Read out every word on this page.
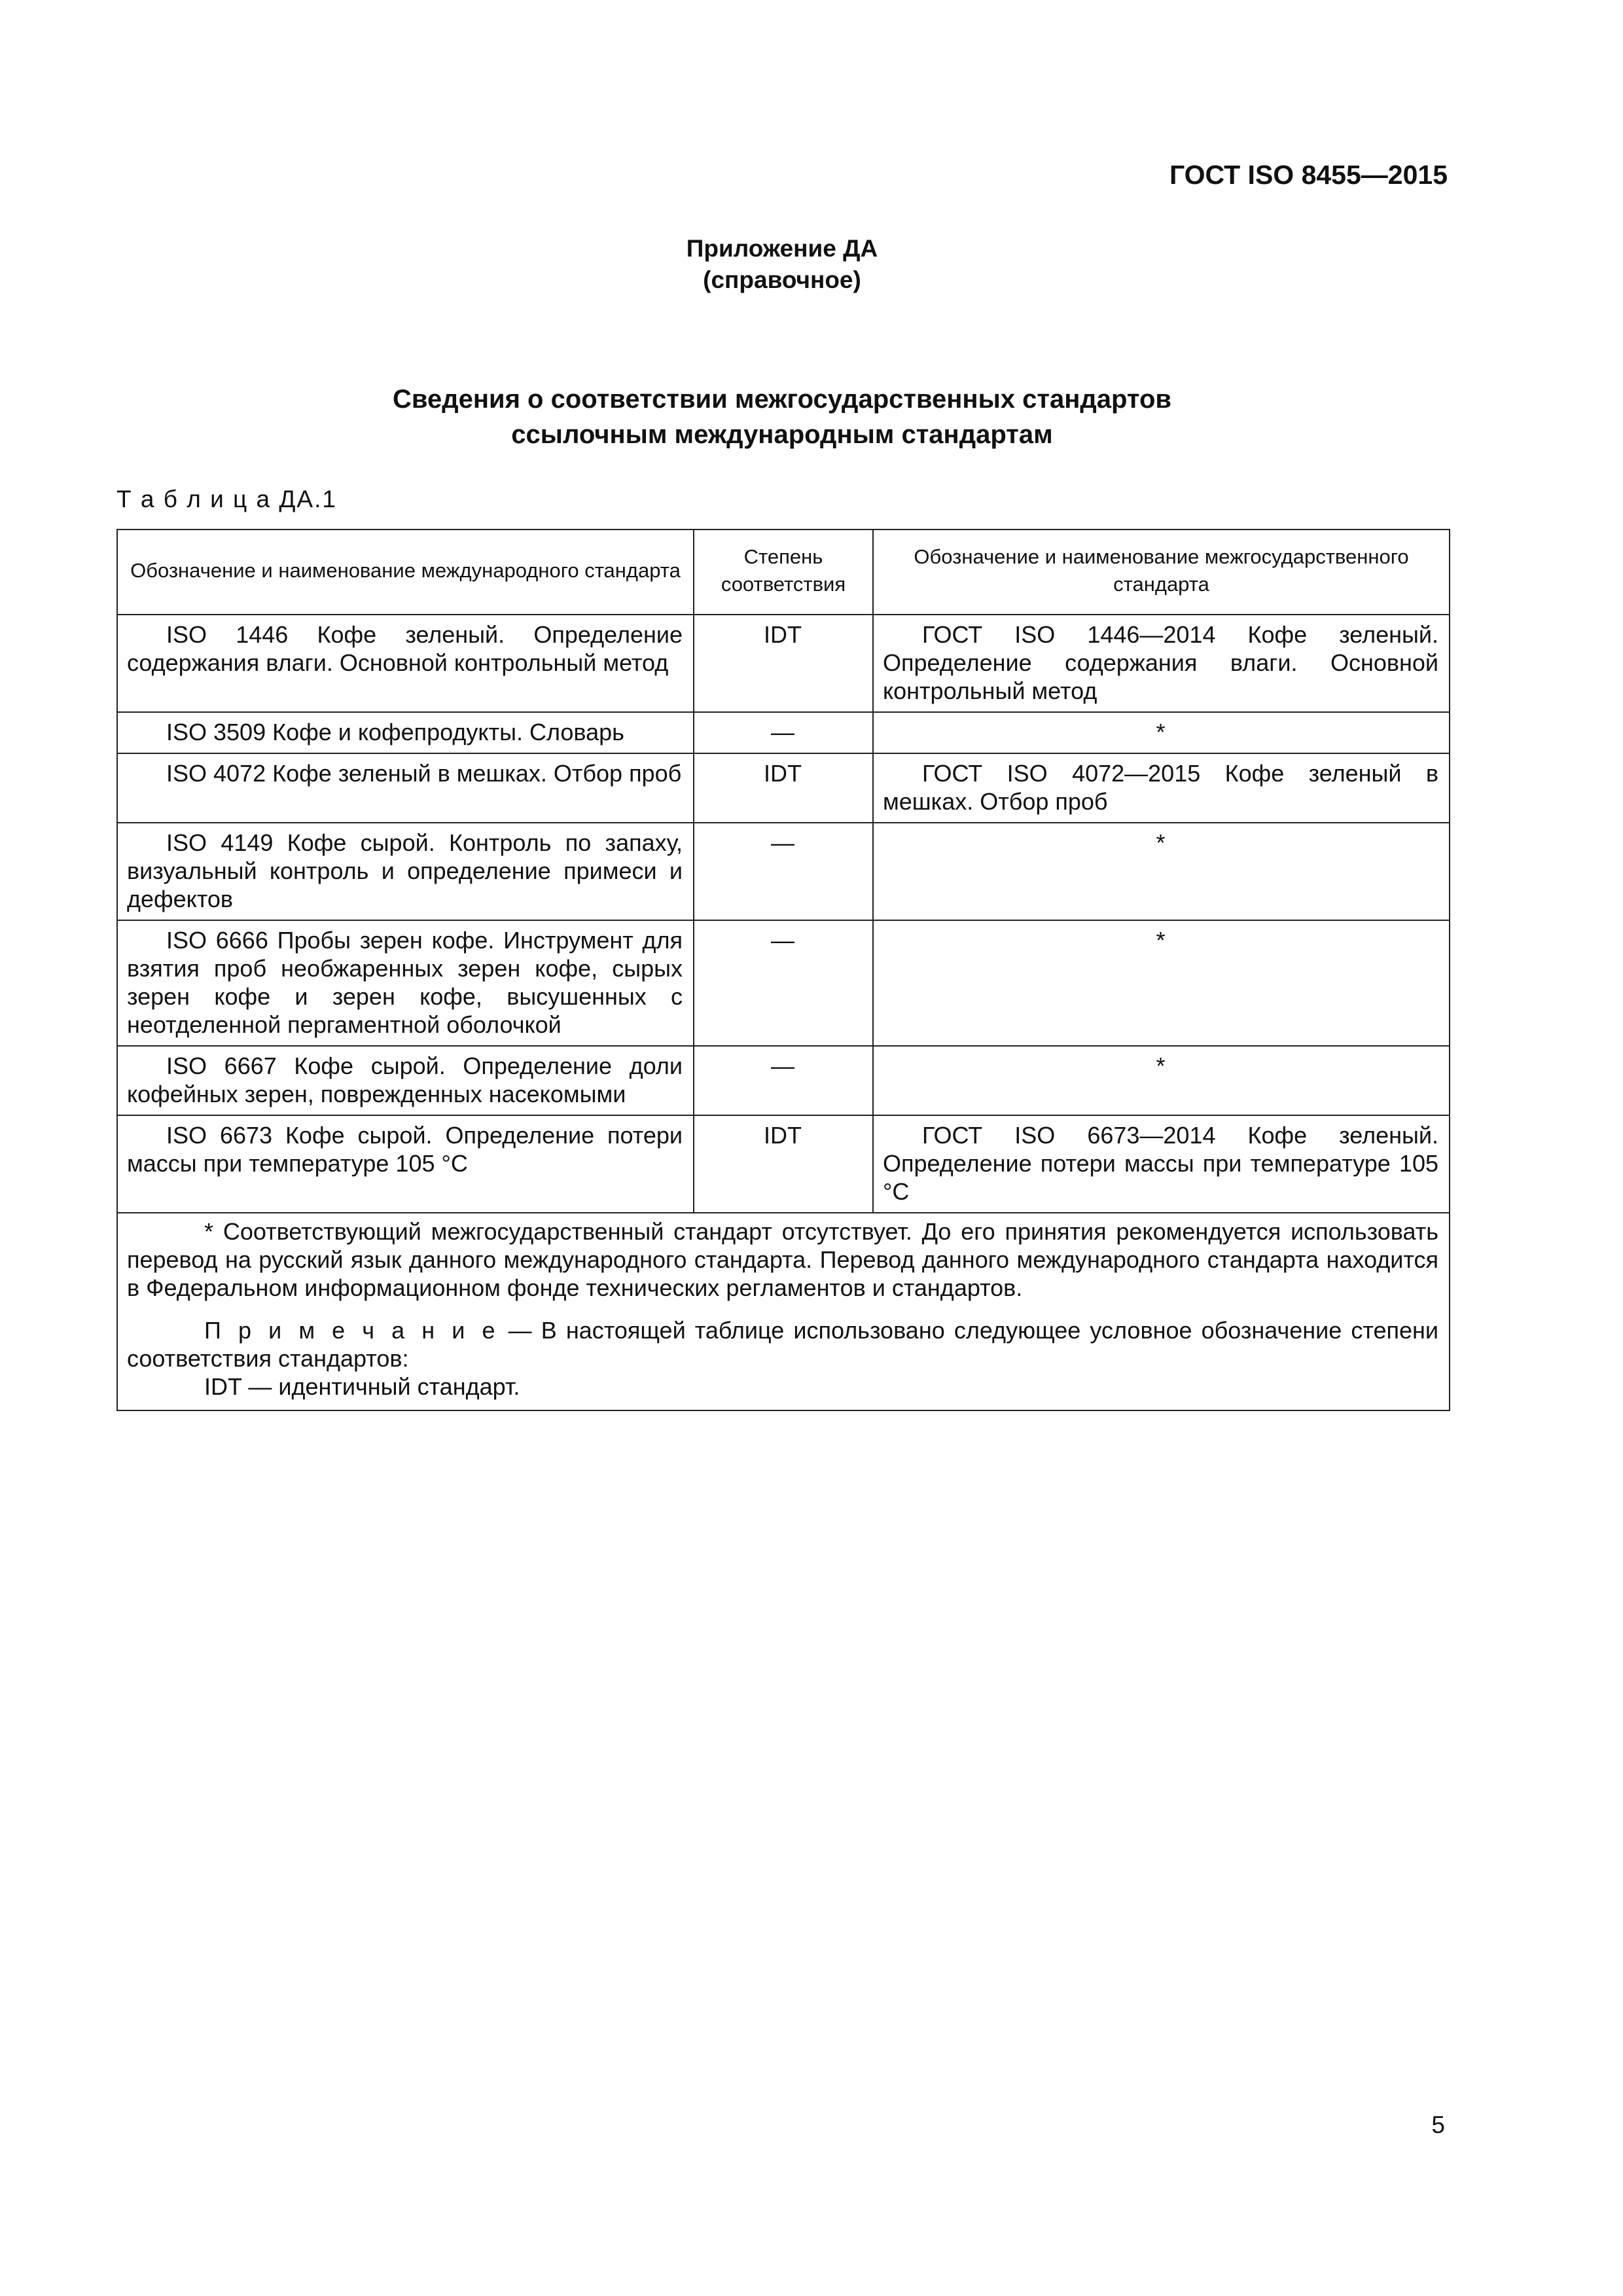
ГОСТ ISO 8455—2015
Приложение ДА
(справочное)
Сведения о соответствии межгосударственных стандартов
ссылочным международным стандартам
Т а б л и ц а ДА.1
Обозначение и наименование международного стандарта	Степень соответствия	Обозначение и наименование межгосударственного стандарта
ISO 1446 Кофе зеленый. Определение содержания влаги. Основной контрольный метод	IDT	ГОСТ ISO 1446—2014 Кофе зеленый. Определение содержания влаги. Основной контрольный метод
ISO 3509 Кофе и кофепродукты. Словарь	—	*
ISO 4072 Кофе зеленый в мешках. Отбор проб	IDT	ГОСТ ISO 4072—2015 Кофе зеленый в мешках. Отбор проб
ISO 4149 Кофе сырой. Контроль по запаху, визуальный контроль и определение примеси и дефектов	—	*
ISO 6666 Пробы зерен кофе. Инструмент для взятия проб необжаренных зерен кофе, сырых зерен кофе и зерен кофе, высушенных с неотделенной пергаментной оболочкой	—	*
ISO 6667 Кофе сырой. Определение доли кофейных зерен, поврежденных насекомыми	—	*
ISO 6673 Кофе сырой. Определение потери массы при температуре 105 °С	IDT	ГОСТ ISO 6673—2014 Кофе зеленый. Определение потери массы при температуре 105 °С

* Соответствующий межгосударственный стандарт отсутствует. До его принятия рекомендуется использовать перевод на русский язык данного международного стандарта. Перевод данного международного стандарта находится в Федеральном информационном фонде технических регламентов и стандартов.

П р и м е ч а н и е — В настоящей таблице использовано следующее условное обозначение степени соответствия стандартов:

IDT — идентичный стандарт.		

5
